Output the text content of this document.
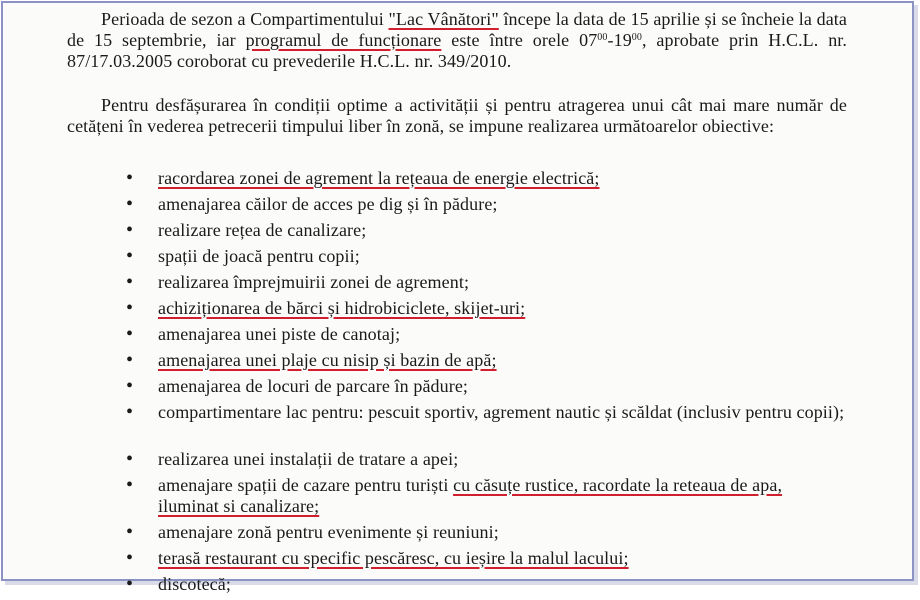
Perioada de sezon a Compartimentului "Lac Vânători" începe la data de 15 aprilie și se încheie la data de 15 septembrie, iar programul de funcționare este între orele $07^{00}-19^{00}$, aprobate prin H.C.L. nr. 87/17.03.2005 coroborat cu prevederile H.C.L. nr. 349/2010.

Pentru desfășurarea în condiții optime a activității și pentru atragerea unui cât mai mare număr de cetățeni în vederea petrecerii timpului liber în zonă, se impune realizarea următoarelor obiective:

• racordarea zonei de agrement la rețeaua de energie electrică;
• amenajarea căilor de acces pe dig și în pădure;
• realizare rețea de canalizare;
• spații de joacă pentru copii;
• realizarea împrejmuirii zonei de agrement;
• achiziționarea de bărci și hidrobiciclete, skijet-uri;
• amenajarea unei piste de canotaj;
• amenajarea unei plaje cu nisip și bazin de apă;
• amenajarea de locuri de parcare în pădure;
• compartimentare lac pentru: pescuit sportiv, agrement nautic și scăldat (inclusiv pentru copii);
• realizarea unei instalații de tratare a apei;
• amenajare spații de cazare pentru turiști cu căsuțe rustice, racordate la reteaua de apa, iluminat si canalizare;
• amenajare zonă pentru evenimente și reuniuni;
• terasă restaurant cu specific pescăresc, cu ieșire la malul lacului;
• discotecă;
